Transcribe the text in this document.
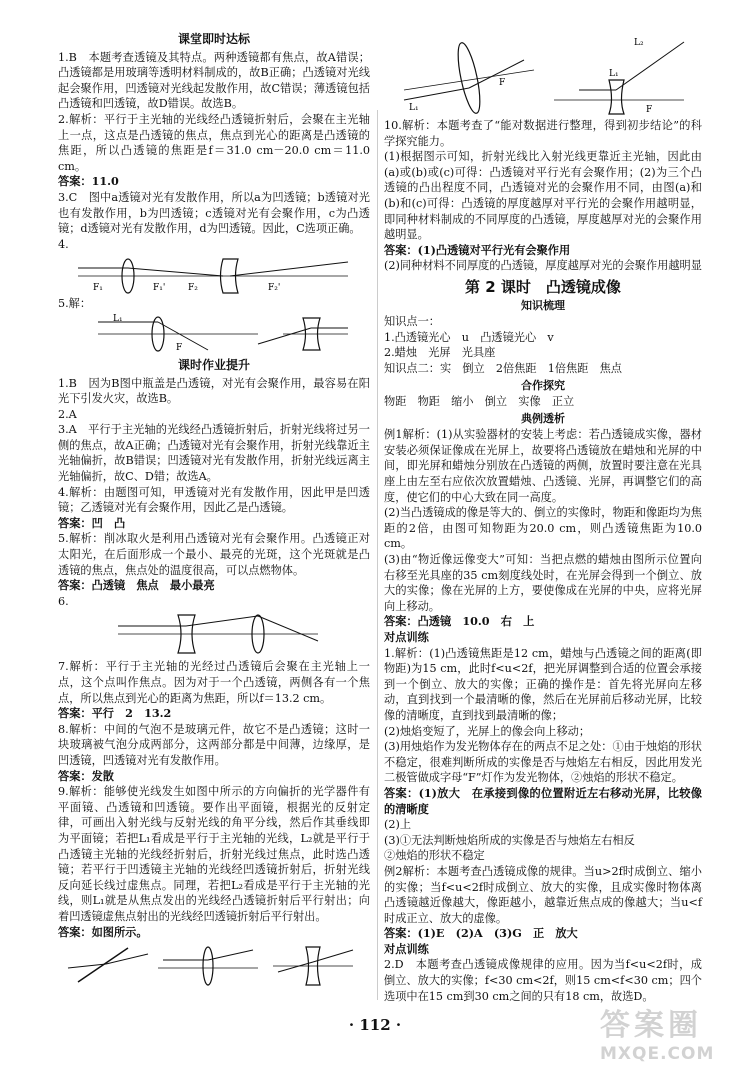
课堂即时达标

1.B　本题考查透镜及其特点。两种透镜都有焦点，故A错误；凸透镜都是用玻璃等透明材料制成的，故B正确；凸透镜对光线起会聚作用，凹透镜对光线起发散作用，故C错误；薄透镜包括凸透镜和凹透镜，故D错误。故选B。

2.解析：平行于主光轴的光线经凸透镜折射后，会聚在主光轴上一点，这点是凸透镜的焦点，焦点到光心的距离是凸透镜的焦距，所以凸透镜的焦距是f＝31.0 cm－20.0 cm＝11.0 cm。

答案：11.0

3.C　图中a透镜对光有发散作用，所以a为凹透镜；b透镜对光也有发散作用，b为凹透镜；c透镜对光有会聚作用，c为凸透镜；d透镜对光有发散作用，d为凹透镜。因此，C选项正确。

4.

F₁	F₁'	F₂	F₂'

5.解：

L₁
F
课时作业提升

1.B　因为B图中瓶盖是凸透镜，对光有会聚作用，最容易在阳光下引发火灾，故选B。

2.A

3.A　平行于主光轴的光线经凸透镜折射后，折射光线将过另一侧的焦点，故A正确；凸透镜对光有会聚作用，折射光线靠近主光轴偏折，故B错误；凹透镜对光有发散作用，折射光线远离主光轴偏折，故C、D错；故选A。

4.解析：由题图可知，甲透镜对光有发散作用，因此甲是凹透镜；乙透镜对光有会聚作用，因此乙是凸透镜。

答案：凹　凸

5.解析：削冰取火是利用凸透镜对光有会聚作用。凸透镜正对太阳光，在后面形成一个最小、最亮的光斑，这个光斑就是凸透镜的焦点，焦点处的温度很高，可以点燃物体。

答案：凸透镜　焦点　最小最亮

6.

7.解析：平行于主光轴的光经过凸透镜后会聚在主光轴上一点，这个点叫作焦点。因为对于一个凸透镜，两侧各有一个焦点，所以焦点到光心的距离为焦距，所以f＝13.2 cm。

答案：平行　2　13.2

8.解析：中间的气泡不是玻璃元件，故它不是凸透镜；这时一块玻璃被气泡分成两部分，这两部分都是中间薄，边缘厚，是凹透镜，凹透镜对光有发散作用。

答案：发散

9.解析：能够使光线发生如图中所示的方向偏折的光学器件有平面镜、凸透镜和凹透镜。要作出平面镜，根据光的反射定律，可画出入射光线与反射光线的角平分线，然后作其垂线即为平面镜；若把L₁看成是平行于主光轴的光线，L₂就是平行于凸透镜主光轴的光线经折射后，折射光线过焦点，此时选凸透镜；若平行于凹透镜主光轴的光线经凹透镜折射后，折射光线反向延长线过虚焦点。同理，若把L₂看成是平行于主光轴的光线，则L₁就是从焦点发出的光线经凸透镜折射后平行射出；向着凹透镜虚焦点射出的光线经凹透镜折射后平行射出。

答案：如图所示。

L₁
F
L₂
L₁
F

10.解析：本题考查了“能对数据进行整理，得到初步结论”的科学探究能力。

(1)根据图示可知，折射光线比入射光线更靠近主光轴，因此由(a)或(b)或(c)可得：凸透镜对平行光有会聚作用；(2)为三个凸透镜的凸出程度不同，凸透镜对光的会聚作用不同，由图(a)和(b)和(c)可得：凸透镜的厚度越厚对平行光的会聚作用越明显，即同种材料制成的不同厚度的凸透镜，厚度越厚对光的会聚作用越明显。

答案：(1)凸透镜对平行光有会聚作用

(2)同种材料不同厚度的凸透镜，厚度越厚对光的会聚作用越明显

第 2 课时　凸透镜成像
知识梳理

知识点一：

1.凸透镜光心　u　凸透镜光心　v

2.蜡烛　光屏　光具座

知识点二：实　倒立　2倍焦距　1倍焦距　焦点

合作探究

物距　物距　缩小　倒立　实像　正立

典例透析

例1解析：(1)从实验器材的安装上考虑：若凸透镜成实像，器材安装必须保证像成在光屏上，故要将凸透镜放在蜡烛和光屏的中间，即光屏和蜡烛分别放在凸透镜的两侧，放置时要注意在光具座上由左至右应依次放置蜡烛、凸透镜、光屏，再调整它们的高度，使它们的中心大致在同一高度。

(2)当凸透镜成的像是等大的、倒立的实像时，物距和像距均为焦距的2倍，由图可知物距为20.0 cm，则凸透镜焦距为10.0 cm。

(3)由“物近像远像变大”可知：当把点燃的蜡烛由图所示位置向右移至光具座的35 cm刻度线处时，在光屏会得到一个倒立、放大的实像；像在光屏的上方，要使像成在光屏的中央，应将光屏向上移动。

答案：凸透镜　10.0　右　上

对点训练

1.解析：(1)凸透镜焦距是12 cm，蜡烛与凸透镜之间的距离(即物距)为15 cm，此时f<u<2f，把光屏调整到合适的位置会承接到一个倒立、放大的实像；正确的操作是：首先将光屏向左移动，直到找到一个最清晰的像，然后在光屏前后移动光屏，比较像的清晰度，直到找到最清晰的像；

(2)烛焰变短了，光屏上的像会向上移动；

(3)用烛焰作为发光物体存在的两点不足之处：①由于烛焰的形状不稳定，很难判断所成的实像是否与烛焰左右相反，因此用发光二极管做成字母“F”灯作为发光物体，②烛焰的形状不稳定。

答案：(1)放大　在承接到像的位置附近左右移动光屏，比较像的清晰度

(2)上

(3)①无法判断烛焰所成的实像是否与烛焰左右相反

②烛焰的形状不稳定

例2解析：本题考查凸透镜成像的规律。当u>2f时成倒立、缩小的实像；当f<u<2f时成倒立、放大的实像，且成实像时物体离凸透镜越近像越大，像距越小，越靠近焦点成的像越大；当u<f时成正立、放大的虚像。

答案：(1)E　(2)A　(3)G　正　放大

对点训练

2.D　本题考查凸透镜成像规律的应用。因为当f<u<2f时，成倒立、放大的实像；f<30 cm<2f，则15 cm<f<30 cm；四个选项中在15 cm到30 cm之间的只有18 cm，故选D。

· 112 ·	答案圈
MXQE.COM
